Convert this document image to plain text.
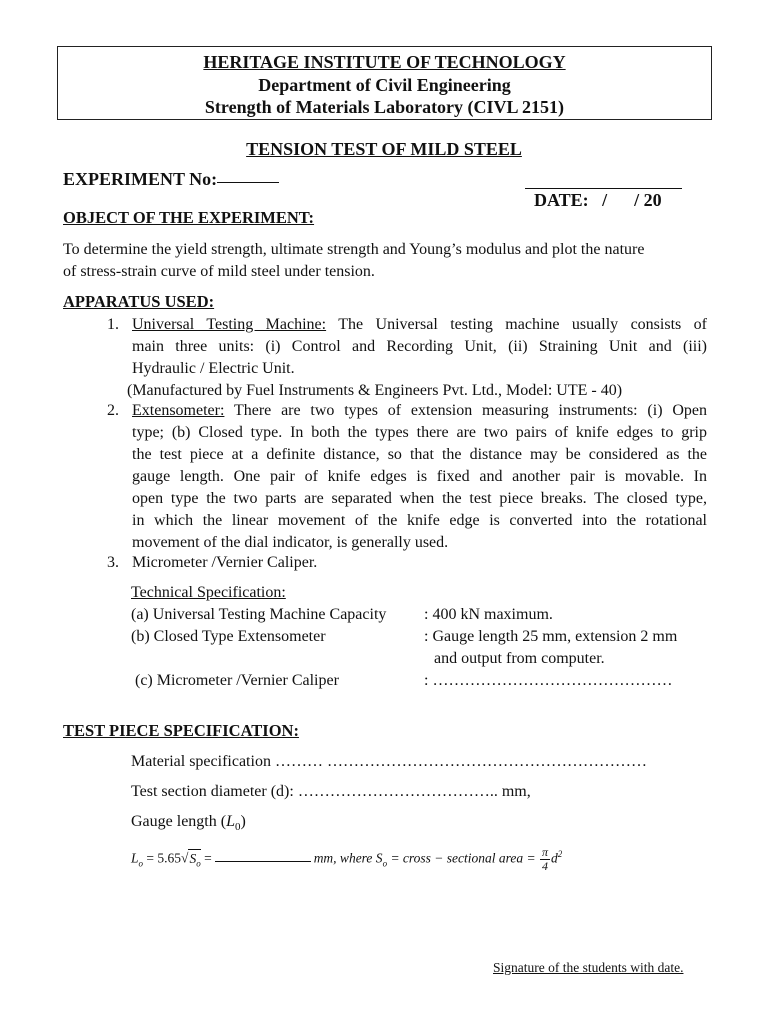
HERITAGE INSTITUTE OF TECHNOLOGY
Department of Civil Engineering
Strength of Materials Laboratory (CIVL 2151)
TENSION TEST OF MILD STEEL
EXPERIMENT No:

DATE: /      / 20

OBJECT OF THE EXPERIMENT:
To determine the yield strength, ultimate strength and Young’s modulus and plot the nature
of stress-strain curve of mild steel under tension.
APPARATUS USED:
1. Universal Testing Machine: The Universal testing machine usually consists of
main three units: (i) Control and Recording Unit, (ii) Straining Unit and (iii)
Hydraulic / Electric Unit.
(Manufactured by Fuel Instruments & Engineers Pvt. Ltd., Model: UTE - 40)
2. Extensometer: There are two types of extension measuring instruments: (i) Open
type; (b) Closed type. In both the types there are two pairs of knife edges to grip
the test piece at a definite distance, so that the distance may be considered as the
gauge length. One pair of knife edges is fixed and another pair is movable. In
open type the two parts are separated when the test piece breaks. The closed type,
in which the linear movement of the knife edge is converted into the rotational
movement of the dial indicator, is generally used.
3. Micrometer /Vernier Caliper.
Technical Specification:
(a) Universal Testing Machine Capacity : 400 kN maximum.
(b) Closed Type Extensometer	: Gauge length 25 mm, extension 2 mm
and output from computer.
(c) Micrometer /Vernier Caliper	: ………………………………………
TEST PIECE SPECIFICATION:
Material specification ……… ……………………………………………………
Test section diameter (d): ……………………………….. mm,
Gauge length $(L_0)$
$L_o = 5.65√S_o$ =	mm, where $S_o$ = cross − sectional area = $\frac{\pi}{4} d^2$
Signature of the students with date.
